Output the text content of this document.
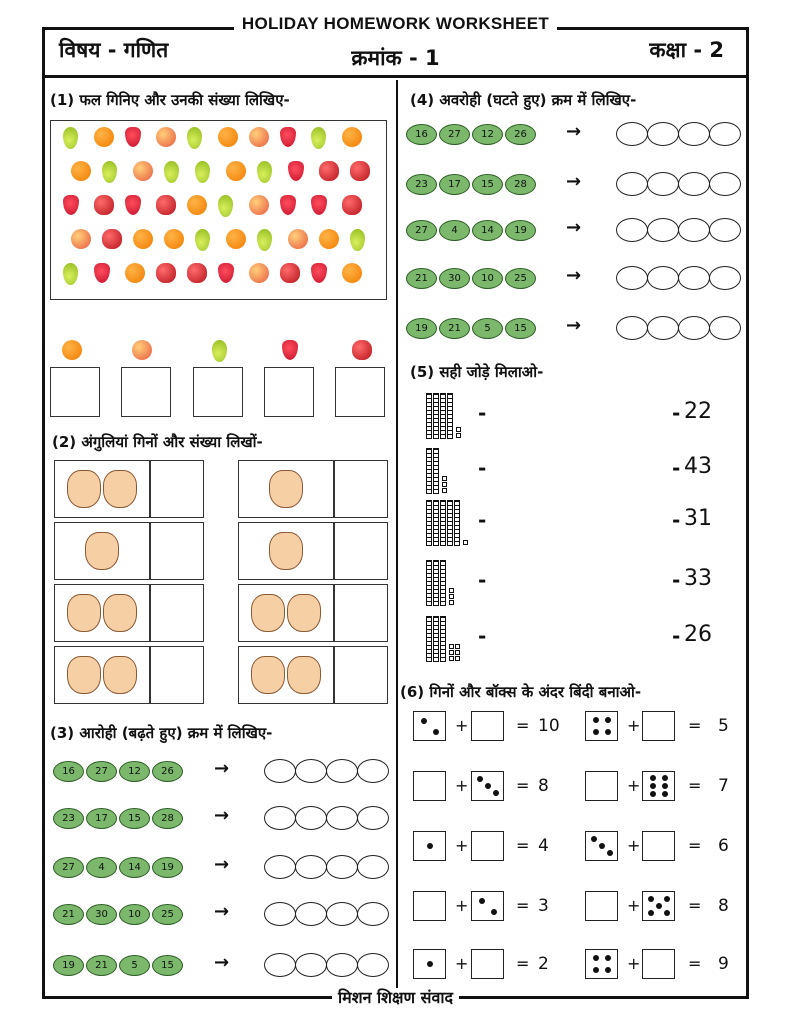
HOLIDAY HOMEWORK WORKSHEET
विषय - गणित	क्रमांक - 1	कक्षा - 2
(1) फल गिनिए और उनकी संख्या लिखिए-
(2) अंगुलियां गिनों और संख्या लिखों-
(3) आरोही (बढ़ते हुए) क्रम में लिखिए-
16	27	12	26	→
23	17	15	28	→
27	4	14	19	→
21	30	10	25	→
19	21	5	15	→
(4) अवरोही (घटते हुए) क्रम में लिखिए-
16	27	12	26	→
23	17	15	28	→
27	4	14	19	→
21	30	10	25	→
19	21	5	15	→
(5) सही जोड़े मिलाओ-
-	- 22
-	- 43
-	- 31
-	- 33
-	- 26
(6) गिनों और बॉक्स के अंदर बिंदी बनाओ-
+	= 10	+	= 5
+	= 8	+	= 7
+	= 4	+	= 6
+	= 3	+	= 8
+	= 2	+	= 9
मिशन शिक्षण संवाद
